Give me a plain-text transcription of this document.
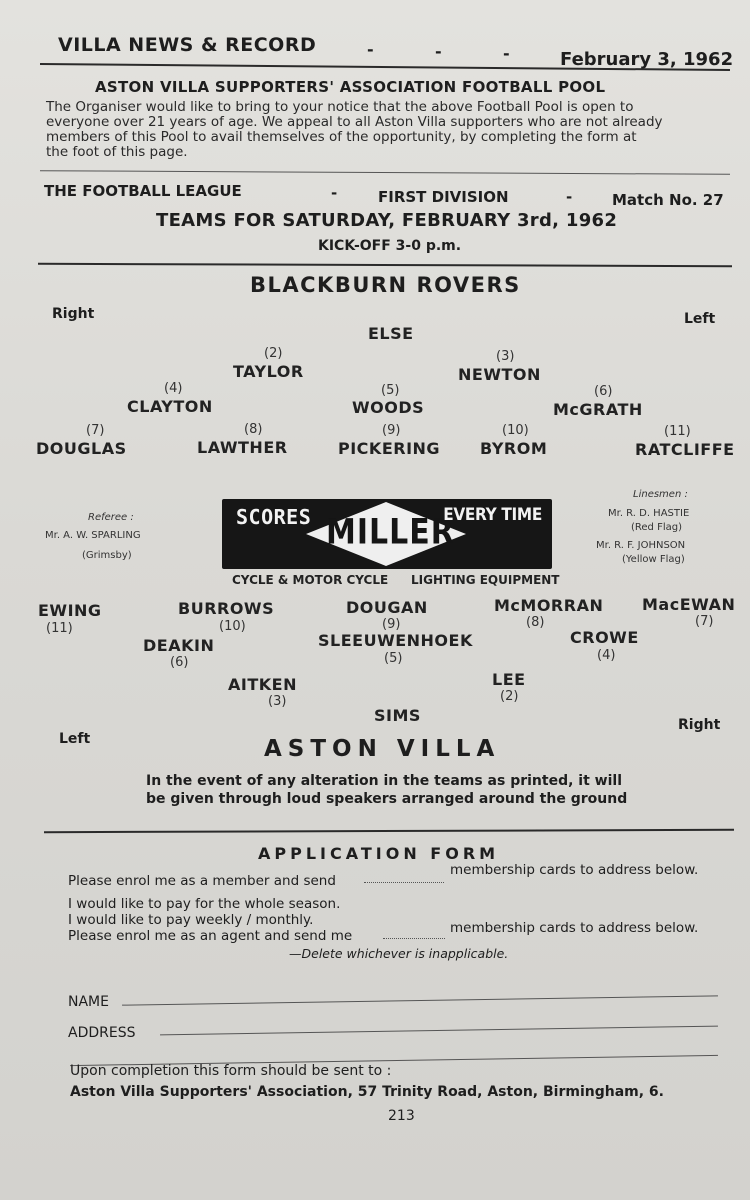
VILLA NEWS & RECORD	-	-	-	February 3, 1962
ASTON VILLA SUPPORTERS' ASSOCIATION FOOTBALL POOL
The Organiser would like to bring to your notice that the above Football Pool is open to
everyone over 21 years of age. We appeal to all Aston Villa supporters who are not already
members of this Pool to avail themselves of the opportunity, by completing the form at
the foot of this page.
THE FOOTBALL LEAGUE	-	FIRST DIVISION	-	Match No. 27
TEAMS FOR SATURDAY, FEBRUARY 3rd, 1962
KICK-OFF 3-0 p.m.
BLACKBURN ROVERS
Right	Left
ELSE
(2)
TAYLOR
(3)
NEWTON
(4)
CLAYTON
(5)
WOODS
(6)
McGRATH
(7)
DOUGLAS
(8)
LAWTHER
(9)
PICKERING
(10)
BYROM
(11)
RATCLIFFE
Referee :
Mr. A. W. SPARLING
(Grimsby)
Linesmen :
Mr. R. D. HASTIE
(Red Flag)
Mr. R. F. JOHNSON
(Yellow Flag)
SCORES MILLER
EVERY TIME
CYCLE & MOTOR CYCLE LIGHTING EQUIPMENT
EWING
(11)
BURROWS
(10)
DOUGAN
(9)
McMORRAN
(8)
MacEWAN
(7)
DEAKIN
(6)
SLEEUWENHOEK
(5)
CROWE
(4)
AITKEN
(3)
LEE
(2)
SIMS
Left
Right
ASTON VILLA
In the event of any alteration in the teams as printed, it will
be given through loud speakers arranged around the ground
APPLICATION FORM
Please enrol me as a member and send
membership cards to address below.
I would like to pay for the whole season.
I would like to pay weekly / monthly.
Please enrol me as an agent and send me	membership cards to address below.
—Delete whichever is inapplicable.
NAME
ADDRESS
Upon completion this form should be sent to :
Aston Villa Supporters' Association, 57 Trinity Road, Aston, Birmingham, 6.
213
